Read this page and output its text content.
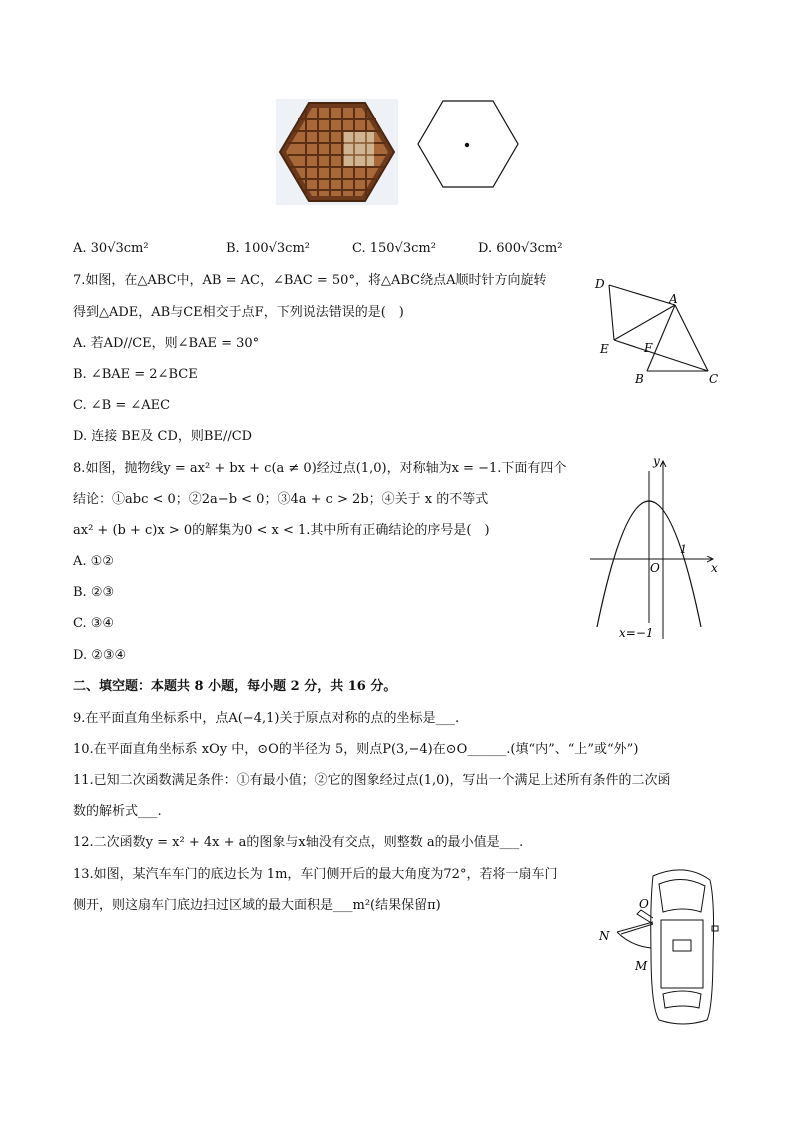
A. 30√3cm²	B. 100√3cm²	C. 150√3cm²	D. 600√3cm²
7.如图，在△ABC中，AB = AC，∠BAC = 50°，将△ABC绕点A顺时针方向旋转
得到△ADE，AB与CE相交于点F，下列说法错误的是(　)
A. 若AD//CE，则∠BAE = 30°
B. ∠BAE = 2∠BCE
C. ∠B = ∠AEC
D. 连接 BE及 CD，则BE//CD
D
A
E	F
B	C
8.如图，抛物线y = ax² + bx + c(a ≠ 0)经过点(1,0)，对称轴为x = −1.下面有四个
结论：①abc < 0；②2a−b < 0；③4a + c > 2b；④关于 x 的不等式
ax² + (b + c)x > 0的解集为0 < x < 1.其中所有正确结论的序号是(　)
A. ①②
B. ②③
C. ③④
D. ②③④
y
x
O
1
x=−1
二、填空题：本题共 8 小题，每小题 2 分，共 16 分。
9.在平面直角坐标系中，点A(−4,1)关于原点对称的点的坐标是___.
10.在平面直角坐标系 xOy 中，⊙O的半径为 5，则点P(3,−4)在⊙O______.(填“内”、“上”或“外”)
11.已知二次函数满足条件：①有最小值；②它的图象经过点(1,0)，写出一个满足上述所有条件的二次函
数的解析式___.
12.二次函数y = x² + 4x + a的图象与x轴没有交点，则整数 a的最小值是___.
13.如图，某汽车车门的底边长为 1m，车门侧开后的最大角度为72°，若将一扇车门
侧开，则这扇车门底边扫过区域的最大面积是___m²(结果保留π)	O
N
M
